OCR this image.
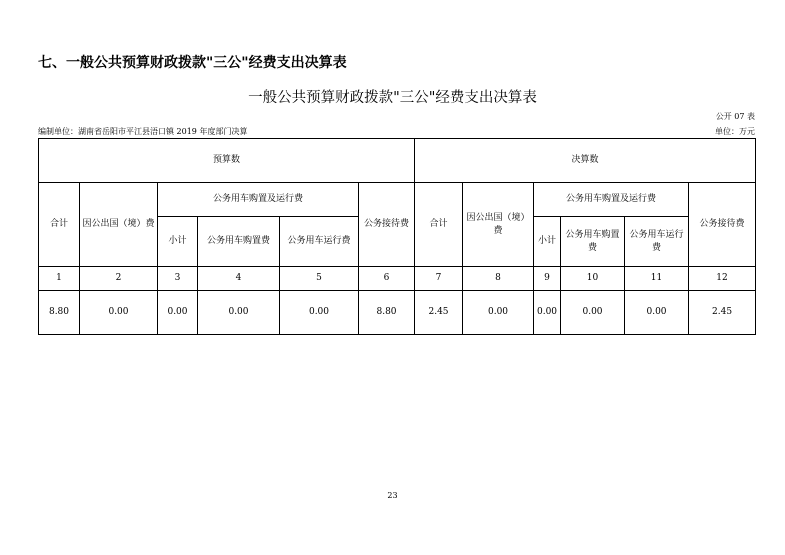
七、一般公共预算财政拨款"三公"经费支出决算表
一般公共预算财政拨款"三公"经费支出决算表
公开 07 表
编制单位：湖南省岳阳市平江县浯口镇 2019 年度部门决算	单位：万元
预算数						决算数					
合计	因公出国（境）费	公务用车购置及运行费			公务接待费	合计	因公出国（境）费	公务用车购置及运行费			公务接待费
		小计	公务用车购置费	公务用车运行费				小计	公务用车购置费	公务用车运行费	
1	2	3	4	5	6	7	8	9	10	11	12
8.80	0.00	0.00	0.00	0.00	8.80	2.45	0.00	0.00	0.00	0.00	2.45
23
